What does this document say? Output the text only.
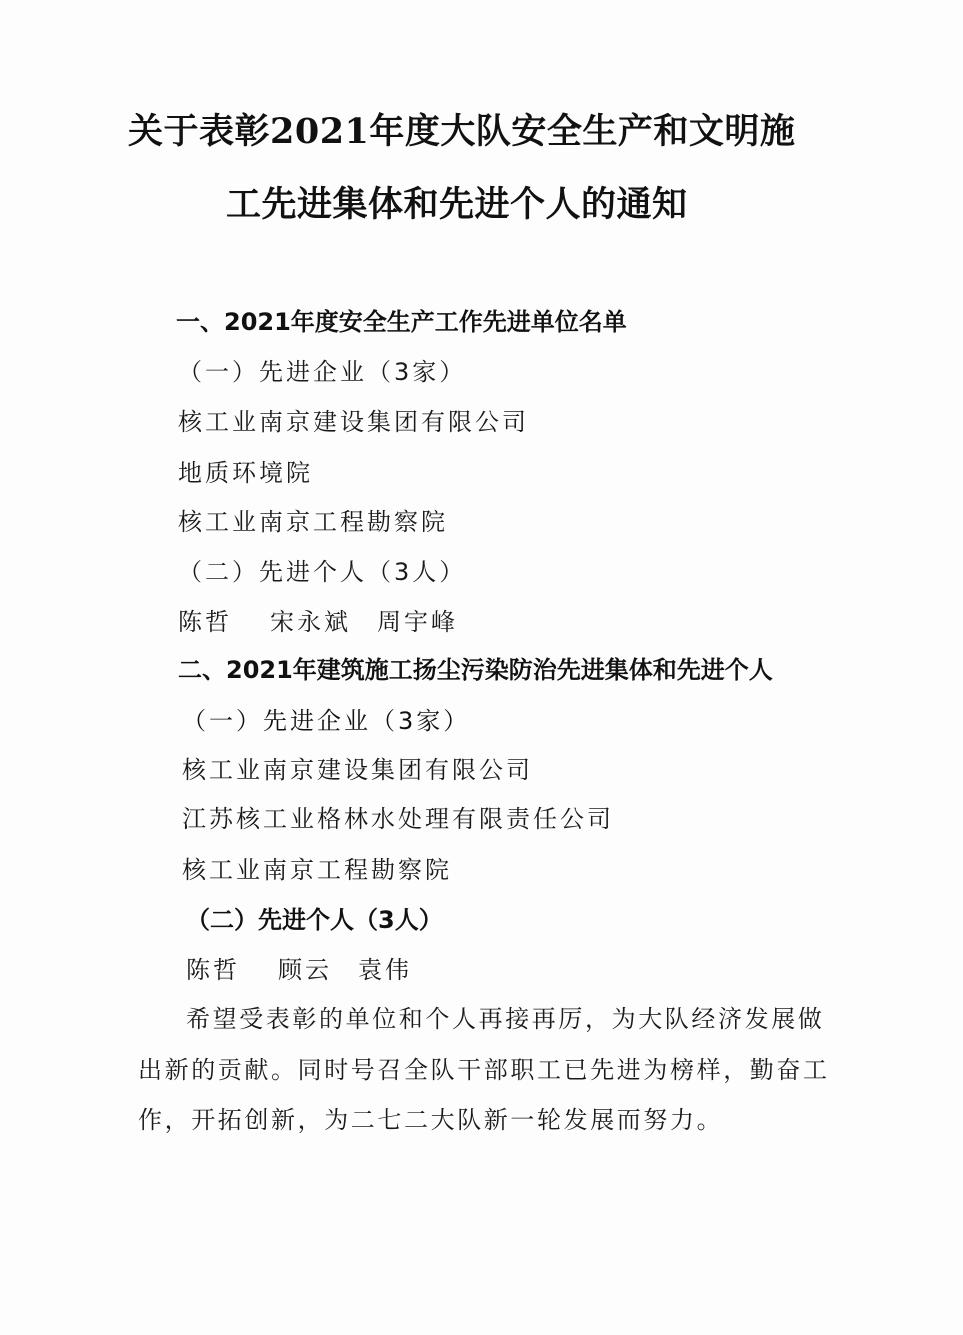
关于表彰2021年度大队安全生产和文明施
工先进集体和先进个人的通知
一、2021年度安全生产工作先进单位名单
（一）先进企业（3家）
核工业南京建设集团有限公司
地质环境院
核工业南京工程勘察院
（二）先进个人（3人）
陈哲 宋永斌 周宇峰
二、2021年建筑施工扬尘污染防治先进集体和先进个人
（一）先进企业（3家）
核工业南京建设集团有限公司
江苏核工业格林水处理有限责任公司
核工业南京工程勘察院
（二）先进个人（3人）
陈哲 顾云 袁伟
希望受表彰的单位和个人再接再厉，为大队经济发展做
出新的贡献。同时号召全队干部职工已先进为榜样，勤奋工
作，开拓创新，为二七二大队新一轮发展而努力。
